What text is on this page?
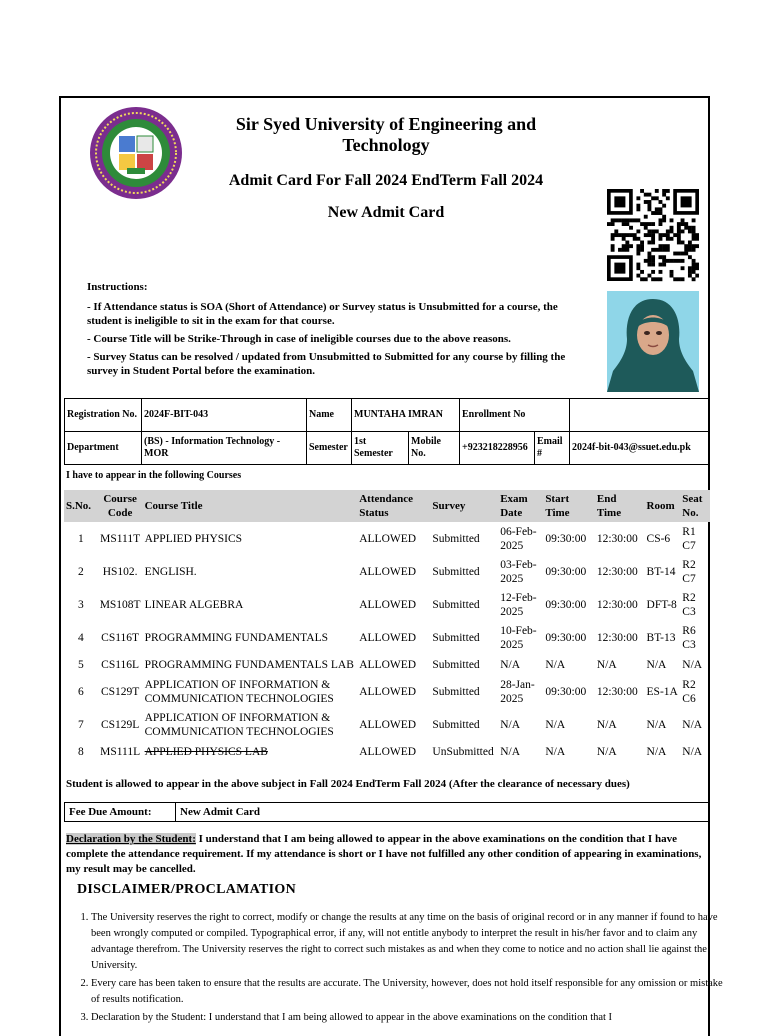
Sir Syed University of Engineering and
Technology
Admit Card For Fall 2024 EndTerm Fall 2024
New Admit Card

Instructions:

- If Attendance status is SOA (Short of Attendance) or Survey status is Unsubmitted for a course, the student is ineligible to sit in the exam for that course.

- Course Title will be Strike-Through in case of ineligible courses due to the above reasons.

- Survey Status can be resolved / updated from Unsubmitted to Submitted for any course by filling the survey in Student Portal before the examination.

Registration No.	2024F-BIT-043	Name	MUNTAHA IMRAN		Enrollment No		
Department	(BS) - Information Technology - MOR	Semester	1st Semester	Mobile No.	+923218228956	Email #	2024f-bit-043@ssuet.edu.pk
I have to appear in the following Courses
S.No.	Course Code	Course Title	Attendance Status	Survey	Exam Date	Start Time	End Time	Room	Seat No.
1	MS111T	APPLIED PHYSICS	ALLOWED	Submitted	06-Feb-2025	09:30:00	12:30:00	CS-6	R1 C7
2	HS102.	ENGLISH.	ALLOWED	Submitted	03-Feb-2025	09:30:00	12:30:00	BT-14	R2 C7
3	MS108T	LINEAR ALGEBRA	ALLOWED	Submitted	12-Feb-2025	09:30:00	12:30:00	DFT-8	R2 C3
4	CS116T	PROGRAMMING FUNDAMENTALS	ALLOWED	Submitted	10-Feb-2025	09:30:00	12:30:00	BT-13	R6 C3
5	CS116L	PROGRAMMING FUNDAMENTALS LAB	ALLOWED	Submitted	N/A	N/A	N/A	N/A	N/A
6	CS129T	APPLICATION OF INFORMATION & COMMUNICATION TECHNOLOGIES	ALLOWED	Submitted	28-Jan-2025	09:30:00	12:30:00	ES-1A	R2 C6
7	CS129L	APPLICATION OF INFORMATION & COMMUNICATION TECHNOLOGIES	ALLOWED	Submitted	N/A	N/A	N/A	N/A	N/A
8	MS111L	APPLIED PHYSICS LAB	ALLOWED	UnSubmitted	N/A	N/A	N/A	N/A	N/A
Student is allowed to appear in the above subject in Fall 2024 EndTerm Fall 2024 (After the clearance of necessary dues)
Fee Due Amount:	New Admit Card
Declaration by the Student: I understand that I am being allowed to appear in the above examinations on the condition that I have complete the attendance requirement. If my attendance is short or I have not fulfilled any other condition of appearing in examinations, my result may be cancelled.
DISCLAIMER/PROCLAMATION
1. The University reserves the right to correct, modify or change the results at any time on the basis of original record or in any manner if found to have been wrongly computed or compiled. Typographical error, if any, will not entitle anybody to interpret the result in his/her favor and to claim any advantage therefrom. The University reserves the right to correct such mistakes as and when they come to notice and no action shall lie against the University.
2. Every care has been taken to ensure that the results are accurate. The University, however, does not hold itself responsible for any omission or mistake of results notification.
3. Declaration by the Student: I understand that I am being allowed to appear in the above examinations on the condition that I
